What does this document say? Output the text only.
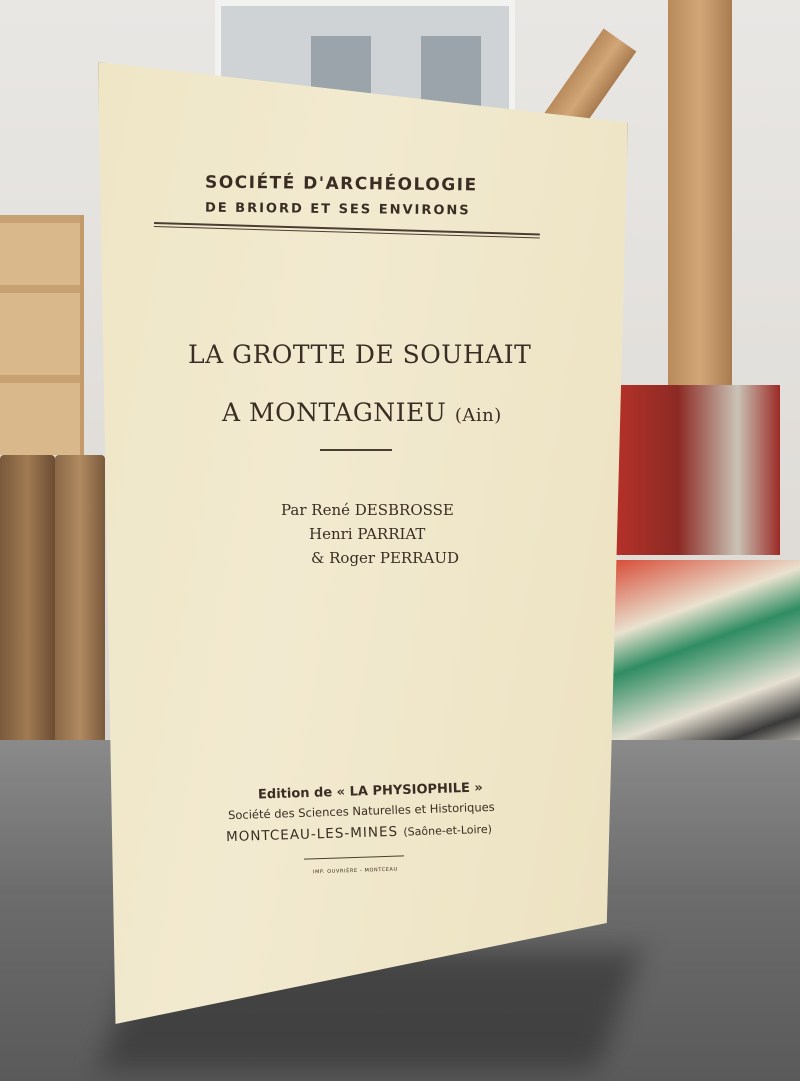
SOCIÉTÉ D'ARCHÉOLOGIE
DE BRIORD ET SES ENVIRONS
LA GROTTE DE SOUHAIT
A MONTAGNIEU (Ain)
Par René DESBROSSE
Henri PARRIAT
& Roger PERRAUD
Edition de « LA PHYSIOPHILE »
Société des Sciences Naturelles et Historiques
MONTCEAU-LES-MINES (Saône-et-Loire)
IMP. OUVRIÈRE - MONTCEAU
